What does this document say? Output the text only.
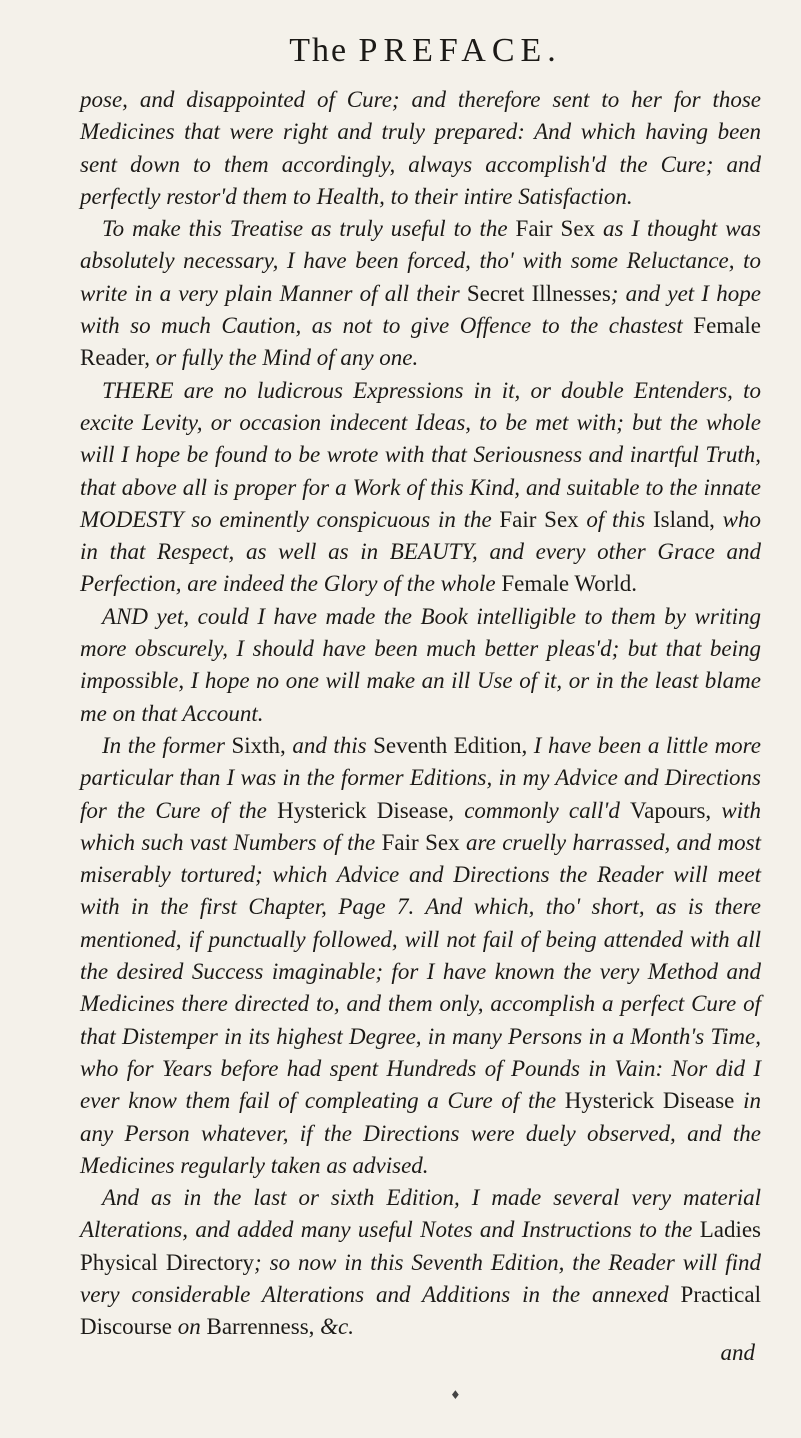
The PREFACE.

pose, and disappointed of Cure; and therefore sent to her for those Medicines that were right and truly prepared: And which having been sent down to them accordingly, always accomplish'd the Cure; and perfectly restor'd them to Health, to their intire Satisfaction.

To make this Treatise as truly useful to the Fair Sex as I thought was absolutely necessary, I have been forced, tho' with some Reluctance, to write in a very plain Manner of all their Secret Illnesses; and yet I hope with so much Caution, as not to give Offence to the chastest Female Reader, or fully the Mind of any one.

THERE are no ludicrous Expressions in it, or double Entenders, to excite Levity, or occasion indecent Ideas, to be met with; but the whole will I hope be found to be wrote with that Seriousness and inartful Truth, that above all is proper for a Work of this Kind, and suitable to the innate MODESTY so eminently conspicuous in the Fair Sex of this Island, who in that Respect, as well as in BEAUTY, and every other Grace and Perfection, are indeed the Glory of the whole Female World.

AND yet, could I have made the Book intelligible to them by writing more obscurely, I should have been much better pleas'd; but that being impossible, I hope no one will make an ill Use of it, or in the least blame me on that Account.

In the former Sixth, and this Seventh Edition, I have been a little more particular than I was in the former Editions, in my Advice and Directions for the Cure of the Hysterick Disease, commonly call'd Vapours, with which such vast Numbers of the Fair Sex are cruelly harrassed, and most miserably tortured; which Advice and Directions the Reader will meet with in the first Chapter, Page 7. And which, tho' short, as is there mentioned, if punctually followed, will not fail of being attended with all the desired Success imaginable; for I have known the very Method and Medicines there directed to, and them only, accomplish a perfect Cure of that Distemper in its highest Degree, in many Persons in a Month's Time, who for Years before had spent Hundreds of Pounds in Vain: Nor did I ever know them fail of compleating a Cure of the Hysterick Disease in any Person whatever, if the Directions were duely observed, and the Medicines regularly taken as advised.

And as in the last or sixth Edition, I made several very material Alterations, and added many useful Notes and Instructions to the Ladies Physical Directory; so now in this Seventh Edition, the Reader will find very considerable Alterations and Additions in the annexed Practical Discourse on Barrenness, &c.

and
♦
